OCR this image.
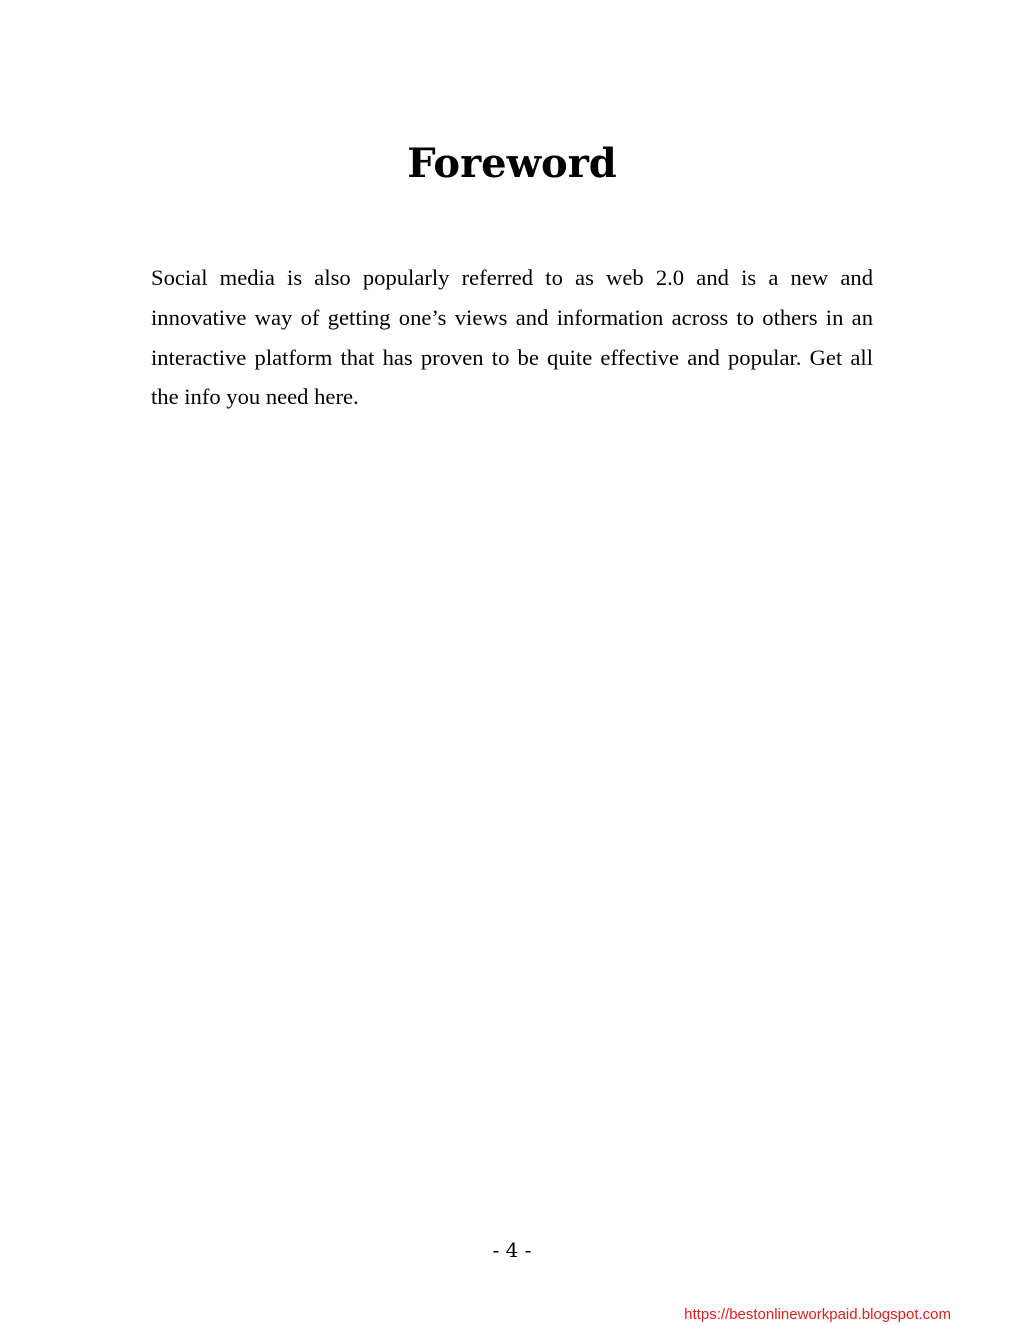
Foreword

Social media is also popularly referred to as web 2.0 and is a new and innovative way of getting one’s views and information across to others in an interactive platform that has proven to be quite effective and popular. Get all the info you need here.

- 4 -
https://bestonlineworkpaid.blogspot.com
